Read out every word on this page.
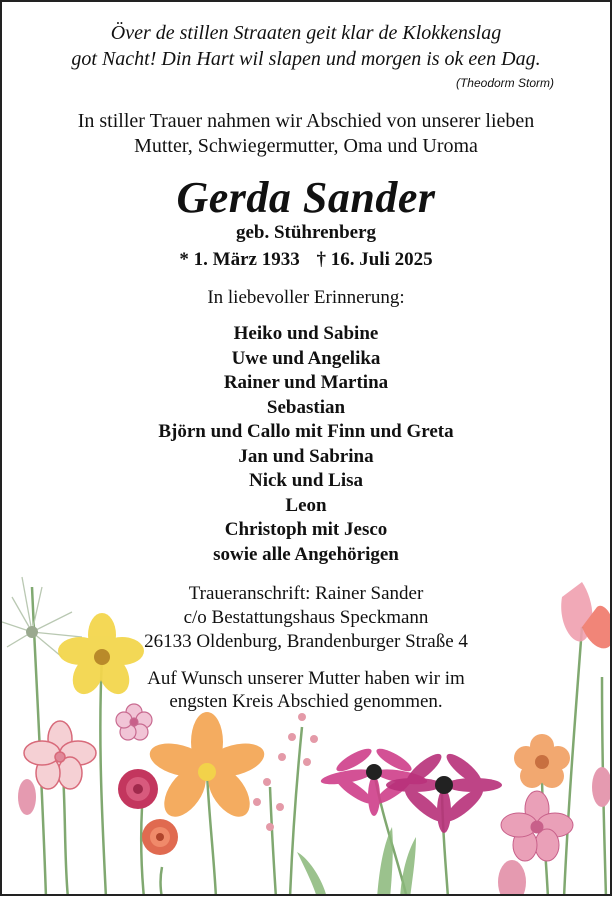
Över de stillen Straaten geit klar de Klokkenslag
got Nacht! Din Hart wil slapen und morgen is ok een Dag.
(Theodorm Storm)
In stiller Trauer nahmen wir Abschied von unserer lieben
Mutter, Schwiegermutter, Oma und Uroma
Gerda Sander
geb. Stührenberg
* 1. März 1933 † 16. Juli 2025
In liebevoller Erinnerung:
Heiko und Sabine
Uwe und Angelika
Rainer und Martina
Sebastian
Björn und Callo mit Finn und Greta
Jan und Sabrina
Nick und Lisa
Leon
Christoph mit Jesco
sowie alle Angehörigen
Traueranschrift: Rainer Sander
c/o Bestattungshaus Speckmann
26133 Oldenburg, Brandenburger Straße 4
Auf Wunsch unserer Mutter haben wir im
engsten Kreis Abschied genommen.
